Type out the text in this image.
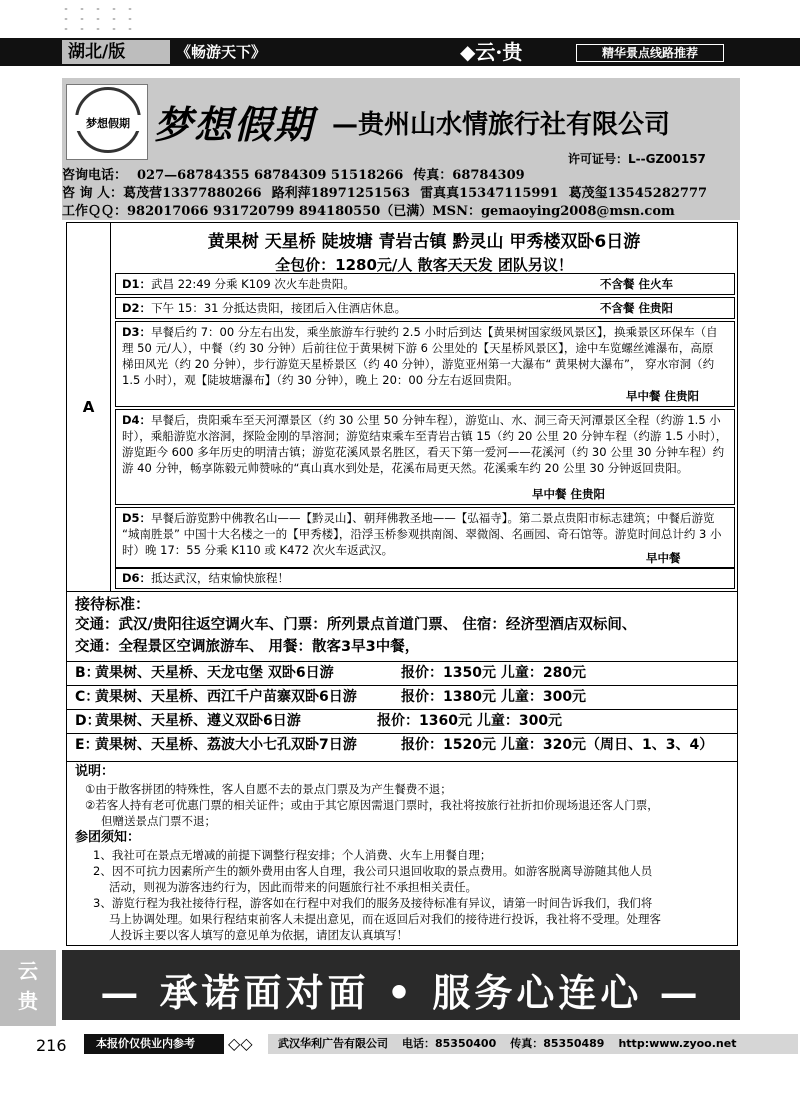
湖北/版	《畅游天下》	◆云·贵	精华景点线路推荐
梦想假期 梦想假期 —贵州山水情旅行社有限公司
许可证号：L--GZ00157
咨询电话： 027—68784355 68784309 51518266 传真：68784309
咨 询 人：葛茂营13377880266 路利萍18971251563 雷真真15347115991 葛茂玺13545282777
工作ＱＱ：982017066 931720799 894180550（已满）MSN：gemaoying2008@msn.com
A
黄果树 天星桥 陡坡塘 青岩古镇 黔灵山 甲秀楼双卧6日游
全包价：1280元/人 散客天天发 团队另议！
D1：武昌 22:49 分乘 K109 次火车赴贵阳。	不含餐 住火车
D2：下午 15：31 分抵达贵阳，接团后入住酒店休息。	不含餐 住贵阳
D3：早餐后约 7：00 分左右出发，乘坐旅游车行驶约 2.5 小时后到达【黄果树国家级风景区】，换乘景区环保车（自理 50 元/人），中餐（约 30 分钟）后前往位于黄果树下游 6 公里处的【天星桥风景区】，途中车览螺丝滩瀑布，高原梯田风光（约 20 分钟），步行游览天星桥景区（约 40 分钟），游览亚州第一大瀑布“ 黄果树大瀑布”， 穿水帘洞（约 1.5 小时），观【陡坡塘瀑布】（约 30 分钟），晚上 20：00 分左右返回贵阳。
早中餐 住贵阳
D4：早餐后，贵阳乘车至天河潭景区（约 30 公里 50 分钟车程），游览山、水、洞三奇天河潭景区全程（约游 1.5 小时），乘船游览水溶洞，探险金刚的旱溶洞；游览结束乘车至青岩古镇 15（约 20 公里 20 分钟车程（约游 1.5 小时），游览距今 600 多年历史的明清古镇；游览花溪风景名胜区，看天下第一爱河——花溪河（约 30 公里 30 分钟车程）约游 40 分钟，畅享陈毅元帅赞咏的“真山真水到处是，花溪布局更天然。花溪乘车约 20 公里 30 分钟返回贵阳。
早中餐 住贵阳
D5：早餐后游览黔中佛教名山——【黔灵山】、朝拜佛教圣地——【弘福寺】。第二景点贵阳市标志建筑；中餐后游览 “城南胜景” 中国十大名楼之一的【甲秀楼】，沿浮玉桥参观拱南阁、翠微阁、名画园、奇石馆等。游览时间总计约 3 小时）晚 17：55 分乘 K110 或 K472 次火车返武汉。
早中餐
D6：抵达武汉，结束愉快旅程！
接待标准：
交通：武汉/贵阳往返空调火车、门票：所列景点首道门票、 住宿：经济型酒店双标间、
交通：全程景区空调旅游车、 用餐：散客3早3中餐，
B：
黄果树、天星桥、天龙屯堡 双卧6日游	报价：1350元 儿童：280元
C：
黄果树、天星桥、西江千户苗寨双卧6日游	报价：1380元 儿童：300元
D：
黄果树、天星桥、遵义双卧6日游	报价：1360元 儿童：300元
E：
黄果树、天星桥、荔波大小七孔双卧7日游	报价：1520元 儿童：320元（周日、1、3、4）
说明：
①由于散客拼团的特殊性，客人自愿不去的景点门票及为产生餐费不退；
②若客人持有老可优惠门票的相关证件；或由于其它原因需退门票时，我社将按旅行社折扣价现场退还客人门票，
但赠送景点门票不退；
参团须知：
1、我社可在景点无增减的前提下调整行程安排；个人消费、火车上用餐自理；
2、因不可抗力因素所产生的额外费用由客人自理，我公司只退回收取的景点费用。如游客脱离导游随其他人员
活动，则视为游客违约行为，因此而带来的问题旅行社不承担相关责任。
3、游览行程为我社接待行程，游客如在行程中对我们的服务及接待标准有异议，请第一时间告诉我们，我们将
马上协调处理。如果行程结束前客人未提出意见，而在返回后对我们的接待进行投诉，我社将不受理。处理客
人投诉主要以客人填写的意见单为依据，请团友认真填写！
云
贵	— 承诺面对面 • 服务心连心 —
216	本报价仅供业内参考	◇◇	武汉华利广告有限公司 电话：85350400 传真：85350489 http:www.zyoo.net
